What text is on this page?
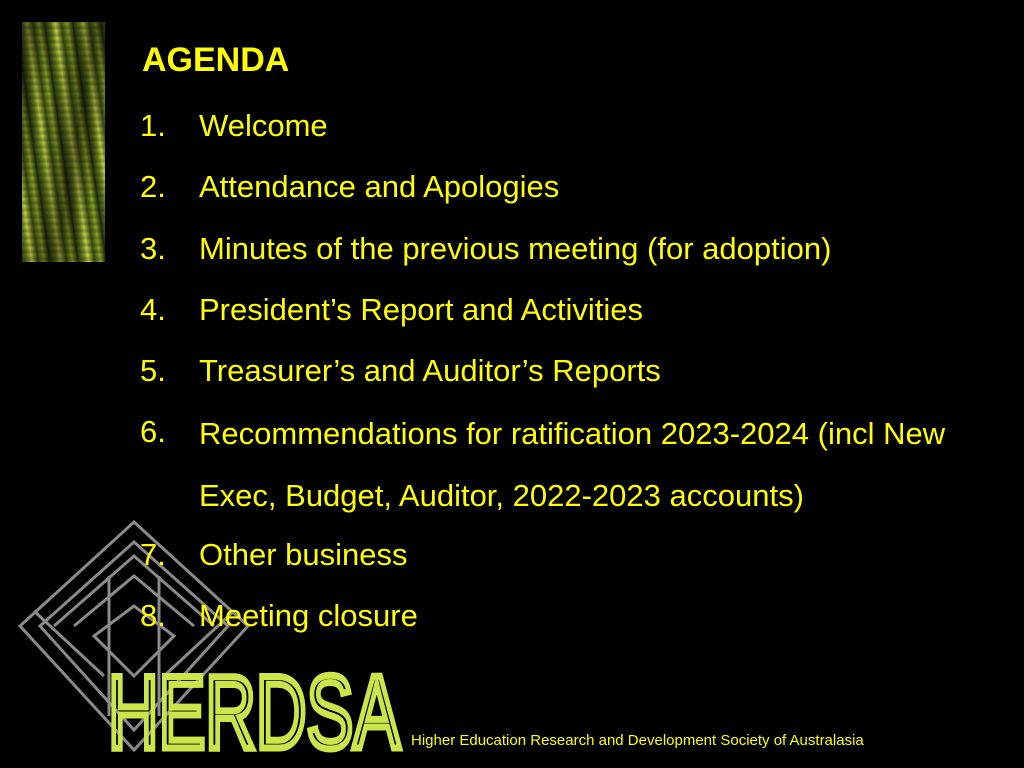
AGENDA
1.	Welcome
2.	Attendance and Apologies
3.	Minutes of the previous meeting (for adoption)
4.	President’s Report and Activities
5.	Treasurer’s and Auditor’s Reports
6.	Recommendations for ratification 2023-2024 (incl New Exec, Budget, Auditor, 2022-2023 accounts)
7.	Other business
8.	Meeting closure
HERDSA Higher Education Research and Development Society of Australasia
